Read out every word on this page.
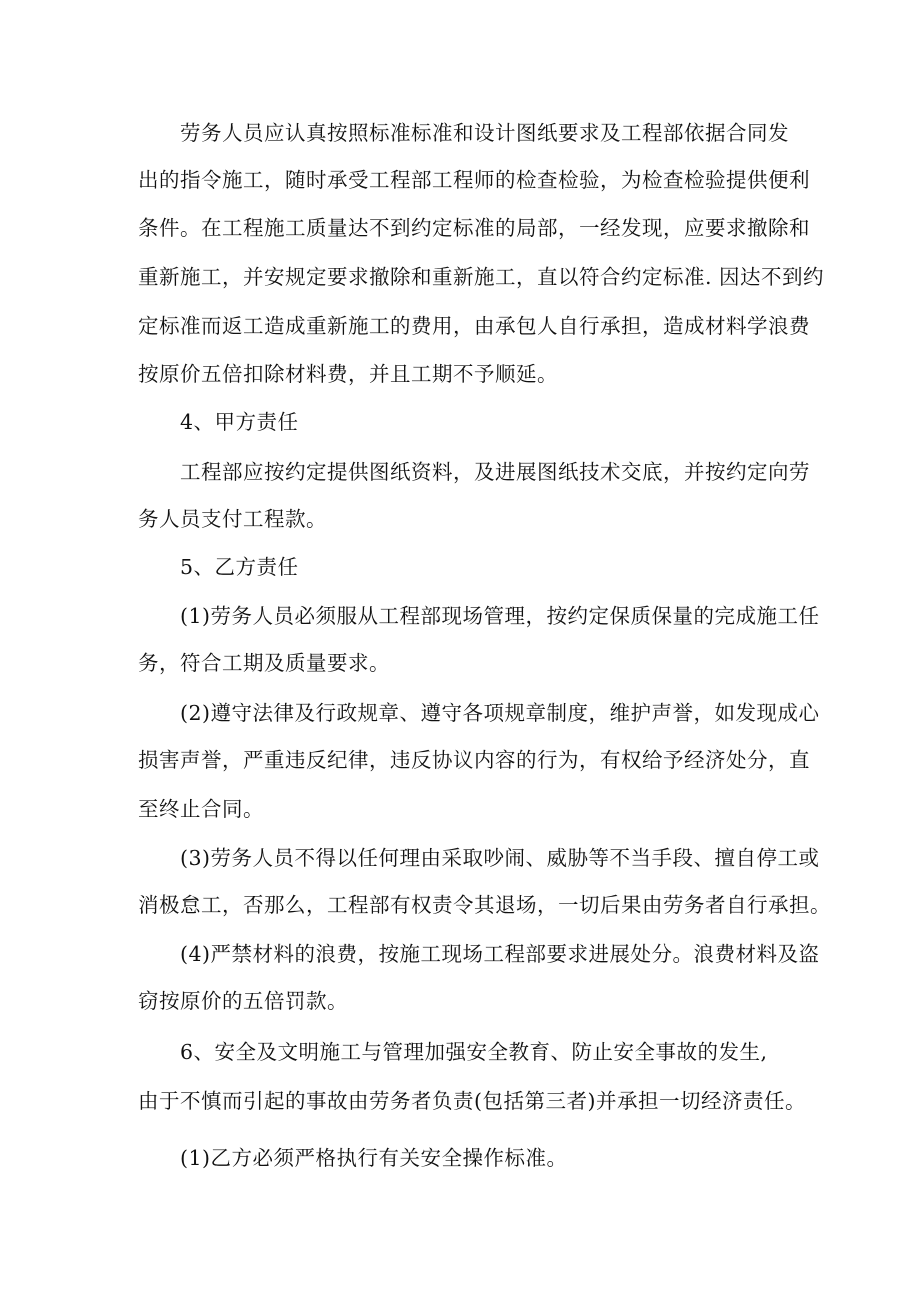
劳务人员应认真按照标准标准和设计图纸要求及工程部依据合同发
出的指令施工，随时承受工程部工程师的检查检验，为检查检验提供便利
条件。在工程施工质量达不到约定标准的局部，一经发现，应要求撤除和
重新施工，并安规定要求撤除和重新施工，直以符合约定标准. 因达不到约
定标准而返工造成重新施工的费用，由承包人自行承担，造成材料学浪费
按原价五倍扣除材料费，并且工期不予顺延。
4、甲方责任
工程部应按约定提供图纸资料，及进展图纸技术交底，并按约定向劳
务人员支付工程款。
5、乙方责任
(1)劳务人员必须服从工程部现场管理，按约定保质保量的完成施工任
务，符合工期及质量要求。
(2)遵守法律及行政规章、遵守各项规章制度，维护声誉，如发现成心
损害声誉，严重违反纪律，违反协议内容的行为，有权给予经济处分，直
至终止合同。
(3)劳务人员不得以任何理由采取吵闹、威胁等不当手段、擅自停工或
消极怠工，否那么，工程部有权责令其退场，一切后果由劳务者自行承担。
(4)严禁材料的浪费，按施工现场工程部要求进展处分。浪费材料及盗
窃按原价的五倍罚款。
6、安全及文明施工与管理加强安全教育、防止安全事故的发生,
由于不慎而引起的事故由劳务者负责(包括第三者)并承担一切经济责任。
(1)乙方必须严格执行有关安全操作标准。
